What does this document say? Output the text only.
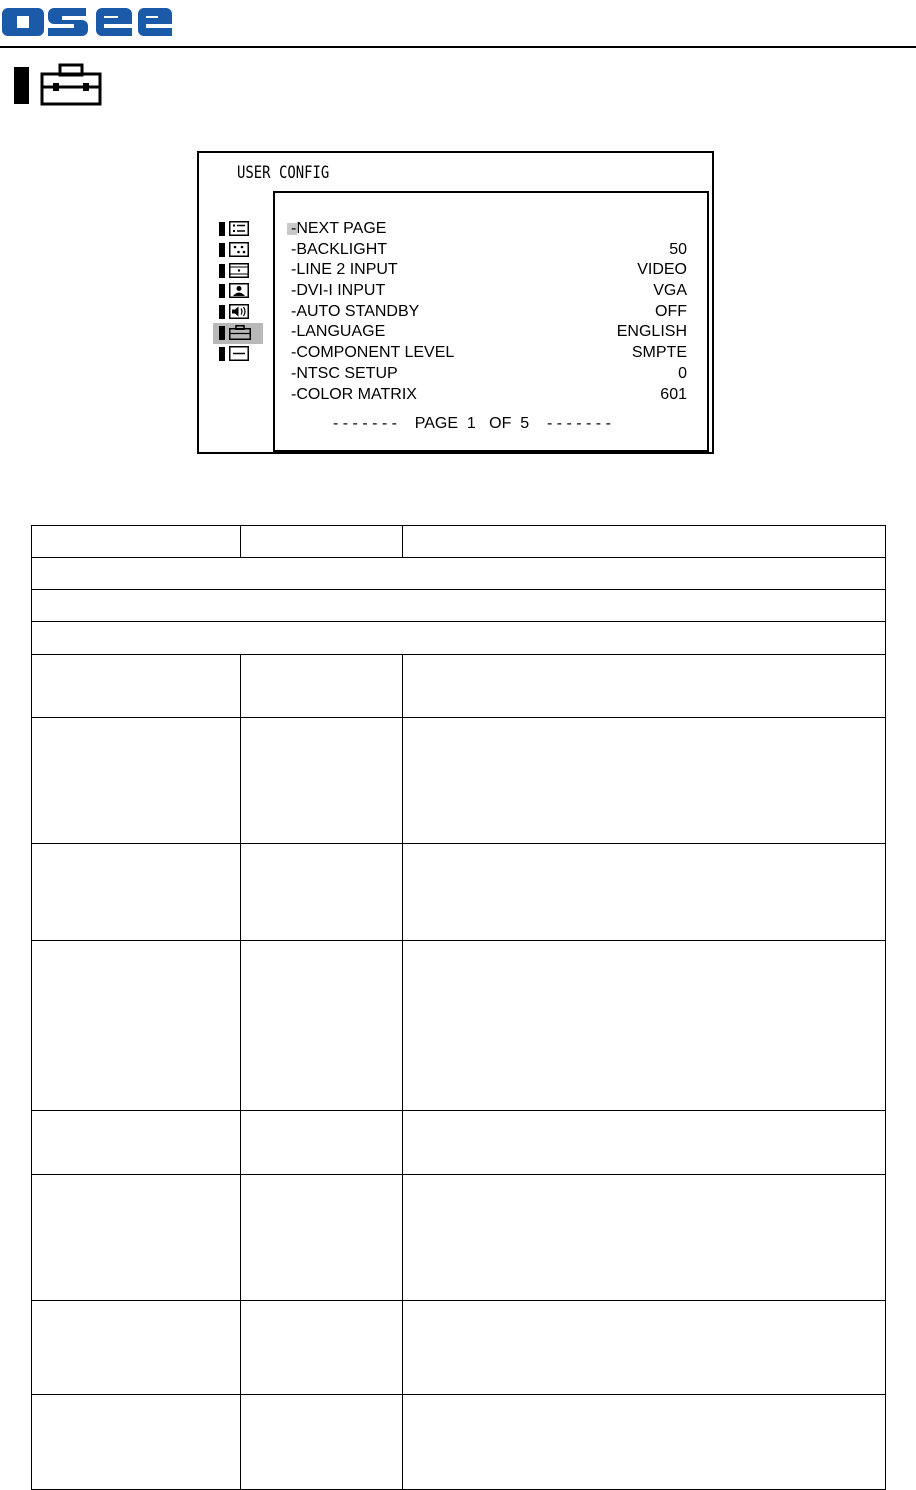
USER CONFIG
-NEXT PAGE
-BACKLIGHT	50
-LINE 2 INPUT	VIDEO
-DVI-I INPUT	VGA
-AUTO STANDBY	OFF
-LANGUAGE	ENGLISH
-COMPONENT LEVEL	SMPTE
-NTSC SETUP	0
-COLOR MATRIX	601
- - - - - - -    PAGE  1   OF  5    - - - - - - -
